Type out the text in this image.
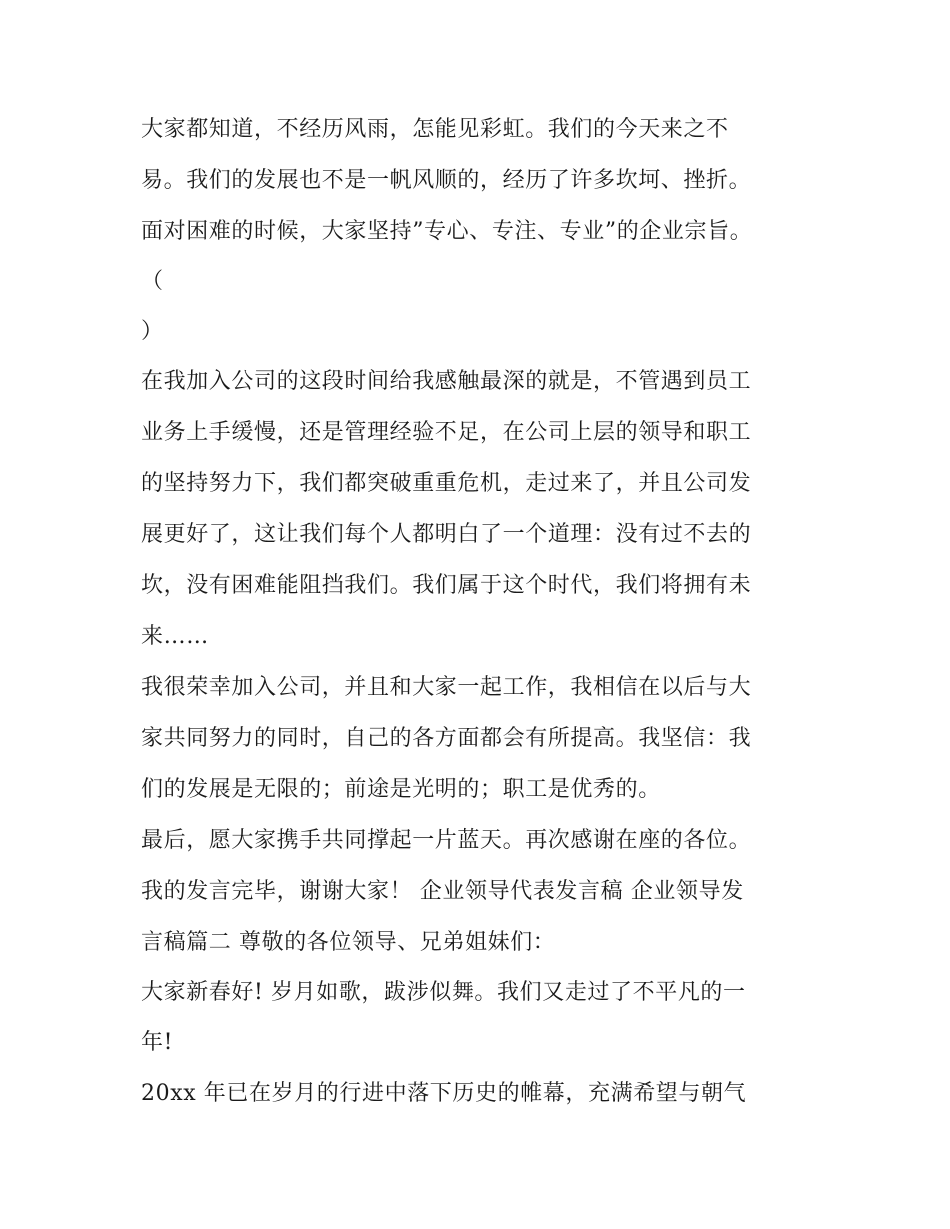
大家都知道，不经历风雨，怎能见彩虹。我们的今天来之不
易。我们的发展也不是一帆风顺的，经历了许多坎坷、挫折。
面对困难的时候，大家坚持”专心、专注、专业”的企业宗旨。
（
）
在我加入公司的这段时间给我感触最深的就是，不管遇到员工
业务上手缓慢，还是管理经验不足，在公司上层的领导和职工
的坚持努力下，我们都突破重重危机，走过来了，并且公司发
展更好了，这让我们每个人都明白了一个道理：没有过不去的
坎，没有困难能阻挡我们。我们属于这个时代，我们将拥有未
来……
我很荣幸加入公司，并且和大家一起工作，我相信在以后与大
家共同努力的同时，自己的各方面都会有所提高。我坚信：我
们的发展是无限的；前途是光明的；职工是优秀的。
最后，愿大家携手共同撑起一片蓝天。再次感谢在座的各位。
我的发言完毕，谢谢大家！ 企业领导代表发言稿 企业领导发
言稿篇二 尊敬的各位领导、兄弟姐妹们：
大家新春好! 岁月如歌，跋涉似舞。我们又走过了不平凡的一
年!
20xx 年已在岁月的行进中落下历史的帷幕，充满希望与朝气
